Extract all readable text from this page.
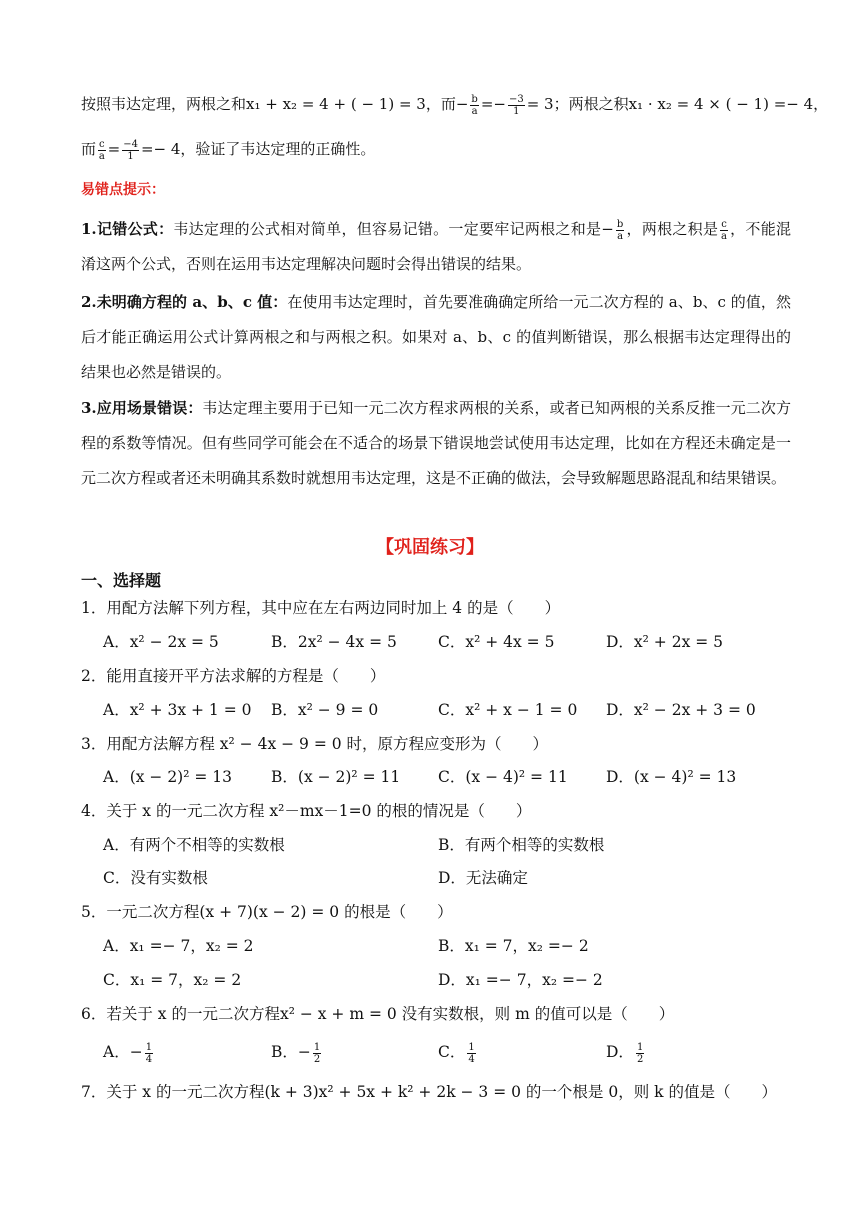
按照韦达定理，两根之和x₁ + x₂ = 4 + ( − 1) = 3，而− $\frac{b}{a} =- \frac{-3}{1} = 3$；两根之积x₁ · x₂ = 4 × ( − 1) =− 4，
而 $\frac{c}{a} = \frac{-4}{1} =- 4$，验证了韦达定理的正确性。
易错点提示：
1.记错公式：韦达定理的公式相对简单，但容易记错。一定要牢记两根之和是− $\frac{b}{a}$ ，两根之积是 $\frac{c}{a}$ ，不能混淆这两个公式，否则在运用韦达定理解决问题时会得出错误的结果。
2.未明确方程的 a、b、c 值：在使用韦达定理时，首先要准确确定所给一元二次方程的 a、b、c 的值，然后才能正确运用公式计算两根之和与两根之积。如果对 a、b、c 的值判断错误，那么根据韦达定理得出的结果也必然是错误的。
3.应用场景错误：韦达定理主要用于已知一元二次方程求两根的关系，或者已知两根的关系反推一元二次方程的系数等情况。但有些同学可能会在不适合的场景下错误地尝试使用韦达定理，比如在方程还未确定是一元二次方程或者还未明确其系数时就想用韦达定理，这是不正确的做法，会导致解题思路混乱和结果错误。
【巩固练习】
一、选择题
1．用配方法解下列方程，其中应在左右两边同时加上 4 的是（　　）
A．x² − 2x = 5	B．2x² − 4x = 5	C．x² + 4x = 5	D．x² + 2x = 5
2．能用直接开平方法求解的方程是（　　）
A．x² + 3x + 1 = 0 B．x² − 9 = 0	C．x² + x − 1 = 0 D．x² − 2x + 3 = 0
3．用配方法解方程 x² − 4x − 9 = 0 时，原方程应变形为（　　）
A．(x − 2)² = 13	B．(x − 2)² = 11 C．(x − 4)² = 11 D．(x − 4)² = 13
4．关于 x 的一元二次方程 x²－mx－1=0 的根的情况是（　　）
A．有两个不相等的实数根	B．有两个相等的实数根
C．没有实数根	D．无法确定
5．一元二次方程(x + 7)(x − 2) = 0 的根是（　　）
A．x₁ =− 7，x₂ = 2	B．x₁ = 7，x₂ =− 2
C．x₁ = 7，x₂ = 2	D．x₁ =− 7，x₂ =− 2
6．若关于 x 的一元二次方程x² − x + m = 0 没有实数根，则 m 的值可以是（　　）
A．− $\frac{1}{4}$	B．− $\frac{1}{2}$	C． $\frac{1}{4}$	D． $\frac{1}{2}$
7．关于 x 的一元二次方程(k + 3)x² + 5x + k² + 2k − 3 = 0 的一个根是 0，则 k 的值是（　　）
